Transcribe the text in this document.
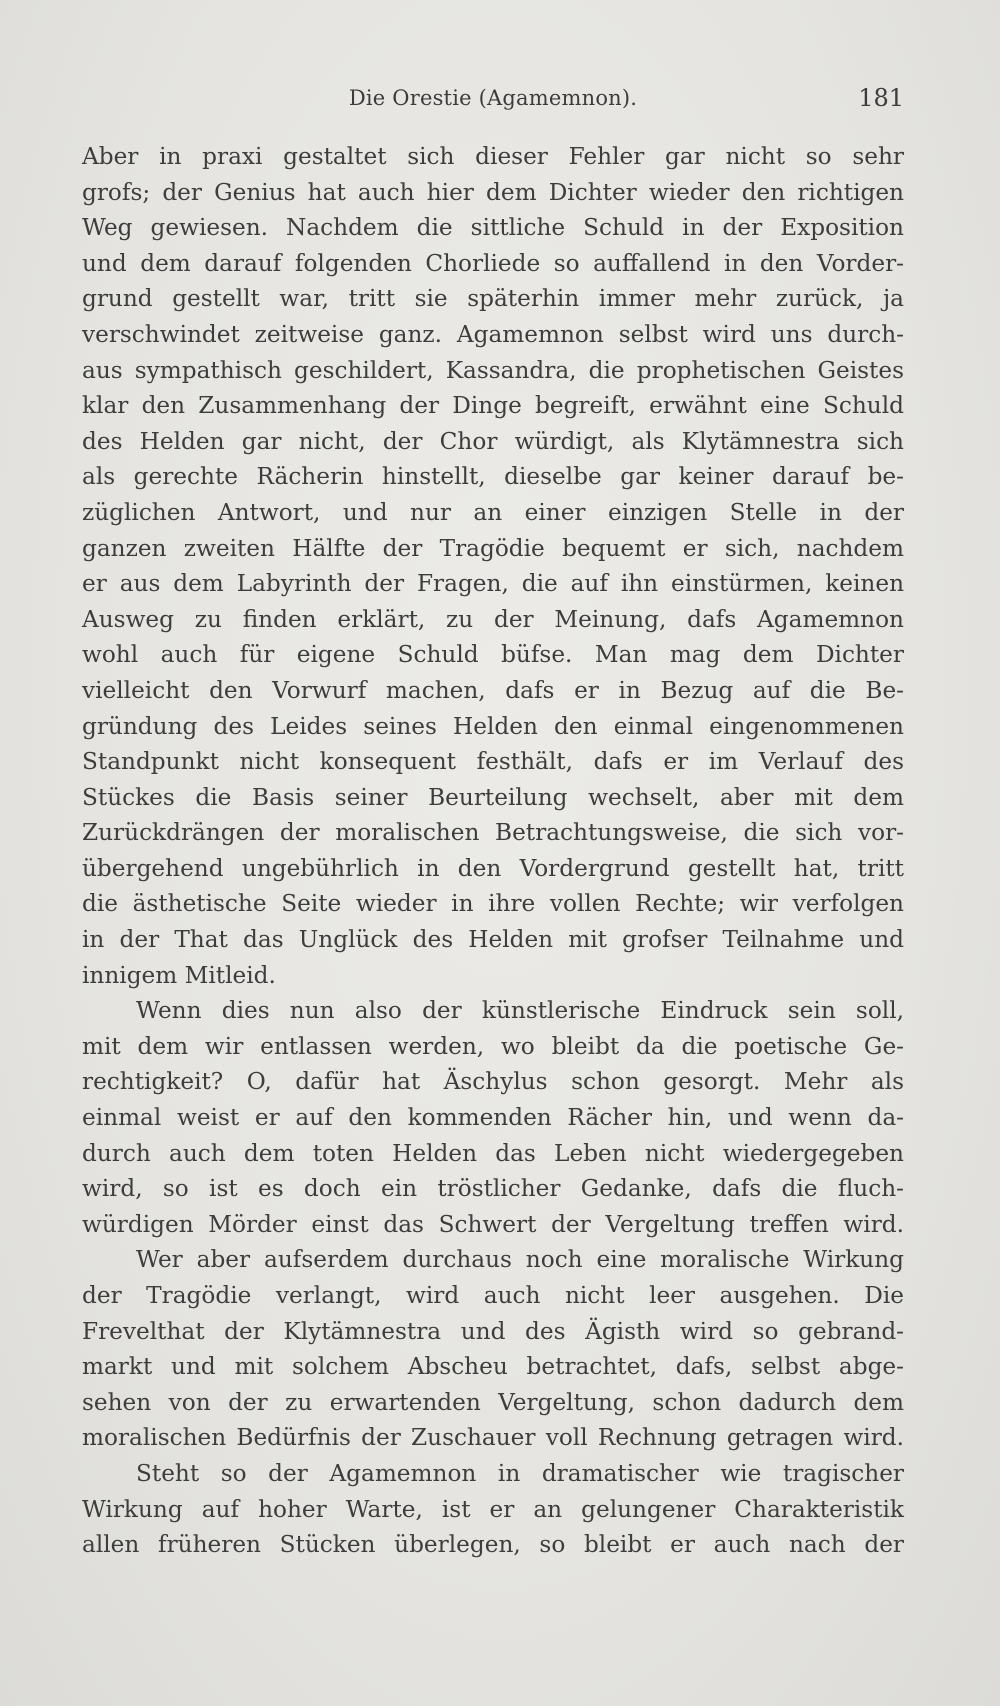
Die Orestie (Agamemnon).	181
Aber in praxi gestaltet sich dieser Fehler gar nicht so sehr
grofs; der Genius hat auch hier dem Dichter wieder den richtigen
Weg gewiesen. Nachdem die sittliche Schuld in der Exposition
und dem darauf folgenden Chorliede so auffallend in den Vorder-
grund gestellt war, tritt sie späterhin immer mehr zurück, ja
verschwindet zeitweise ganz. Agamemnon selbst wird uns durch-
aus sympathisch geschildert, Kassandra, die prophetischen Geistes
klar den Zusammenhang der Dinge begreift, erwähnt eine Schuld
des Helden gar nicht, der Chor würdigt, als Klytämnestra sich
als gerechte Rächerin hinstellt, dieselbe gar keiner darauf be-
züglichen Antwort, und nur an einer einzigen Stelle in der
ganzen zweiten Hälfte der Tragödie bequemt er sich, nachdem
er aus dem Labyrinth der Fragen, die auf ihn einstürmen, keinen
Ausweg zu finden erklärt, zu der Meinung, dafs Agamemnon
wohl auch für eigene Schuld büfse. Man mag dem Dichter
vielleicht den Vorwurf machen, dafs er in Bezug auf die Be-
gründung des Leides seines Helden den einmal eingenommenen
Standpunkt nicht konsequent festhält, dafs er im Verlauf des
Stückes die Basis seiner Beurteilung wechselt, aber mit dem
Zurückdrängen der moralischen Betrachtungsweise, die sich vor-
übergehend ungebührlich in den Vordergrund gestellt hat, tritt
die ästhetische Seite wieder in ihre vollen Rechte; wir verfolgen
in der That das Unglück des Helden mit grofser Teilnahme und
innigem Mitleid.
Wenn dies nun also der künstlerische Eindruck sein soll,
mit dem wir entlassen werden, wo bleibt da die poetische Ge-
rechtigkeit? O, dafür hat Äschylus schon gesorgt. Mehr als
einmal weist er auf den kommenden Rächer hin, und wenn da-
durch auch dem toten Helden das Leben nicht wiedergegeben
wird, so ist es doch ein tröstlicher Gedanke, dafs die fluch-
würdigen Mörder einst das Schwert der Vergeltung treffen wird.
Wer aber aufserdem durchaus noch eine moralische Wirkung
der Tragödie verlangt, wird auch nicht leer ausgehen. Die
Frevelthat der Klytämnestra und des Ägisth wird so gebrand-
markt und mit solchem Abscheu betrachtet, dafs, selbst abge-
sehen von der zu erwartenden Vergeltung, schon dadurch dem
moralischen Bedürfnis der Zuschauer voll Rechnung getragen wird.
Steht so der Agamemnon in dramatischer wie tragischer
Wirkung auf hoher Warte, ist er an gelungener Charakteristik
allen früheren Stücken überlegen, so bleibt er auch nach der
